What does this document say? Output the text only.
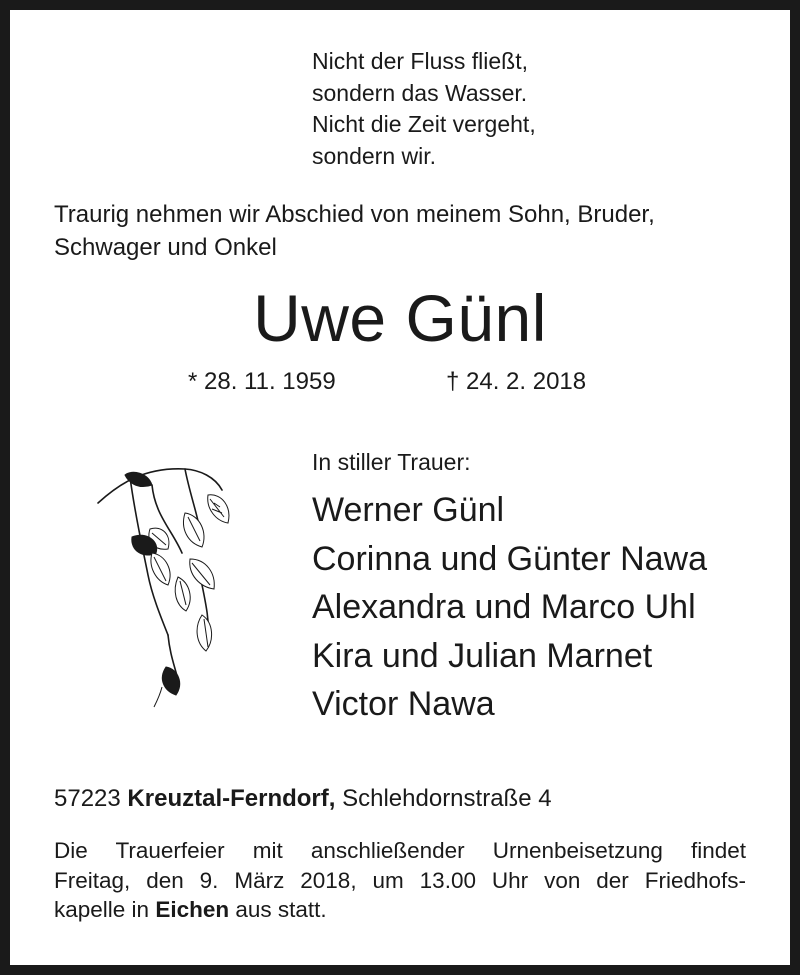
Nicht der Fluss fließt,
sondern das Wasser.
Nicht die Zeit vergeht,
sondern wir.
Traurig nehmen wir Abschied von meinem Sohn, Bruder,
Schwager und Onkel
Uwe Günl
* 28. 11. 1959	† 24. 2. 2018
In stiller Trauer:
Werner Günl
Corinna und Günter Nawa
Alexandra und Marco Uhl
Kira und Julian Marnet
Victor Nawa
57223 Kreuztal-Ferndorf, Schlehdornstraße 4
Die Trauerfeier mit anschließender Urnenbeisetzung findet
Freitag, den 9. März 2018, um 13.00 Uhr von der Friedhofs-
kapelle in Eichen aus statt.
